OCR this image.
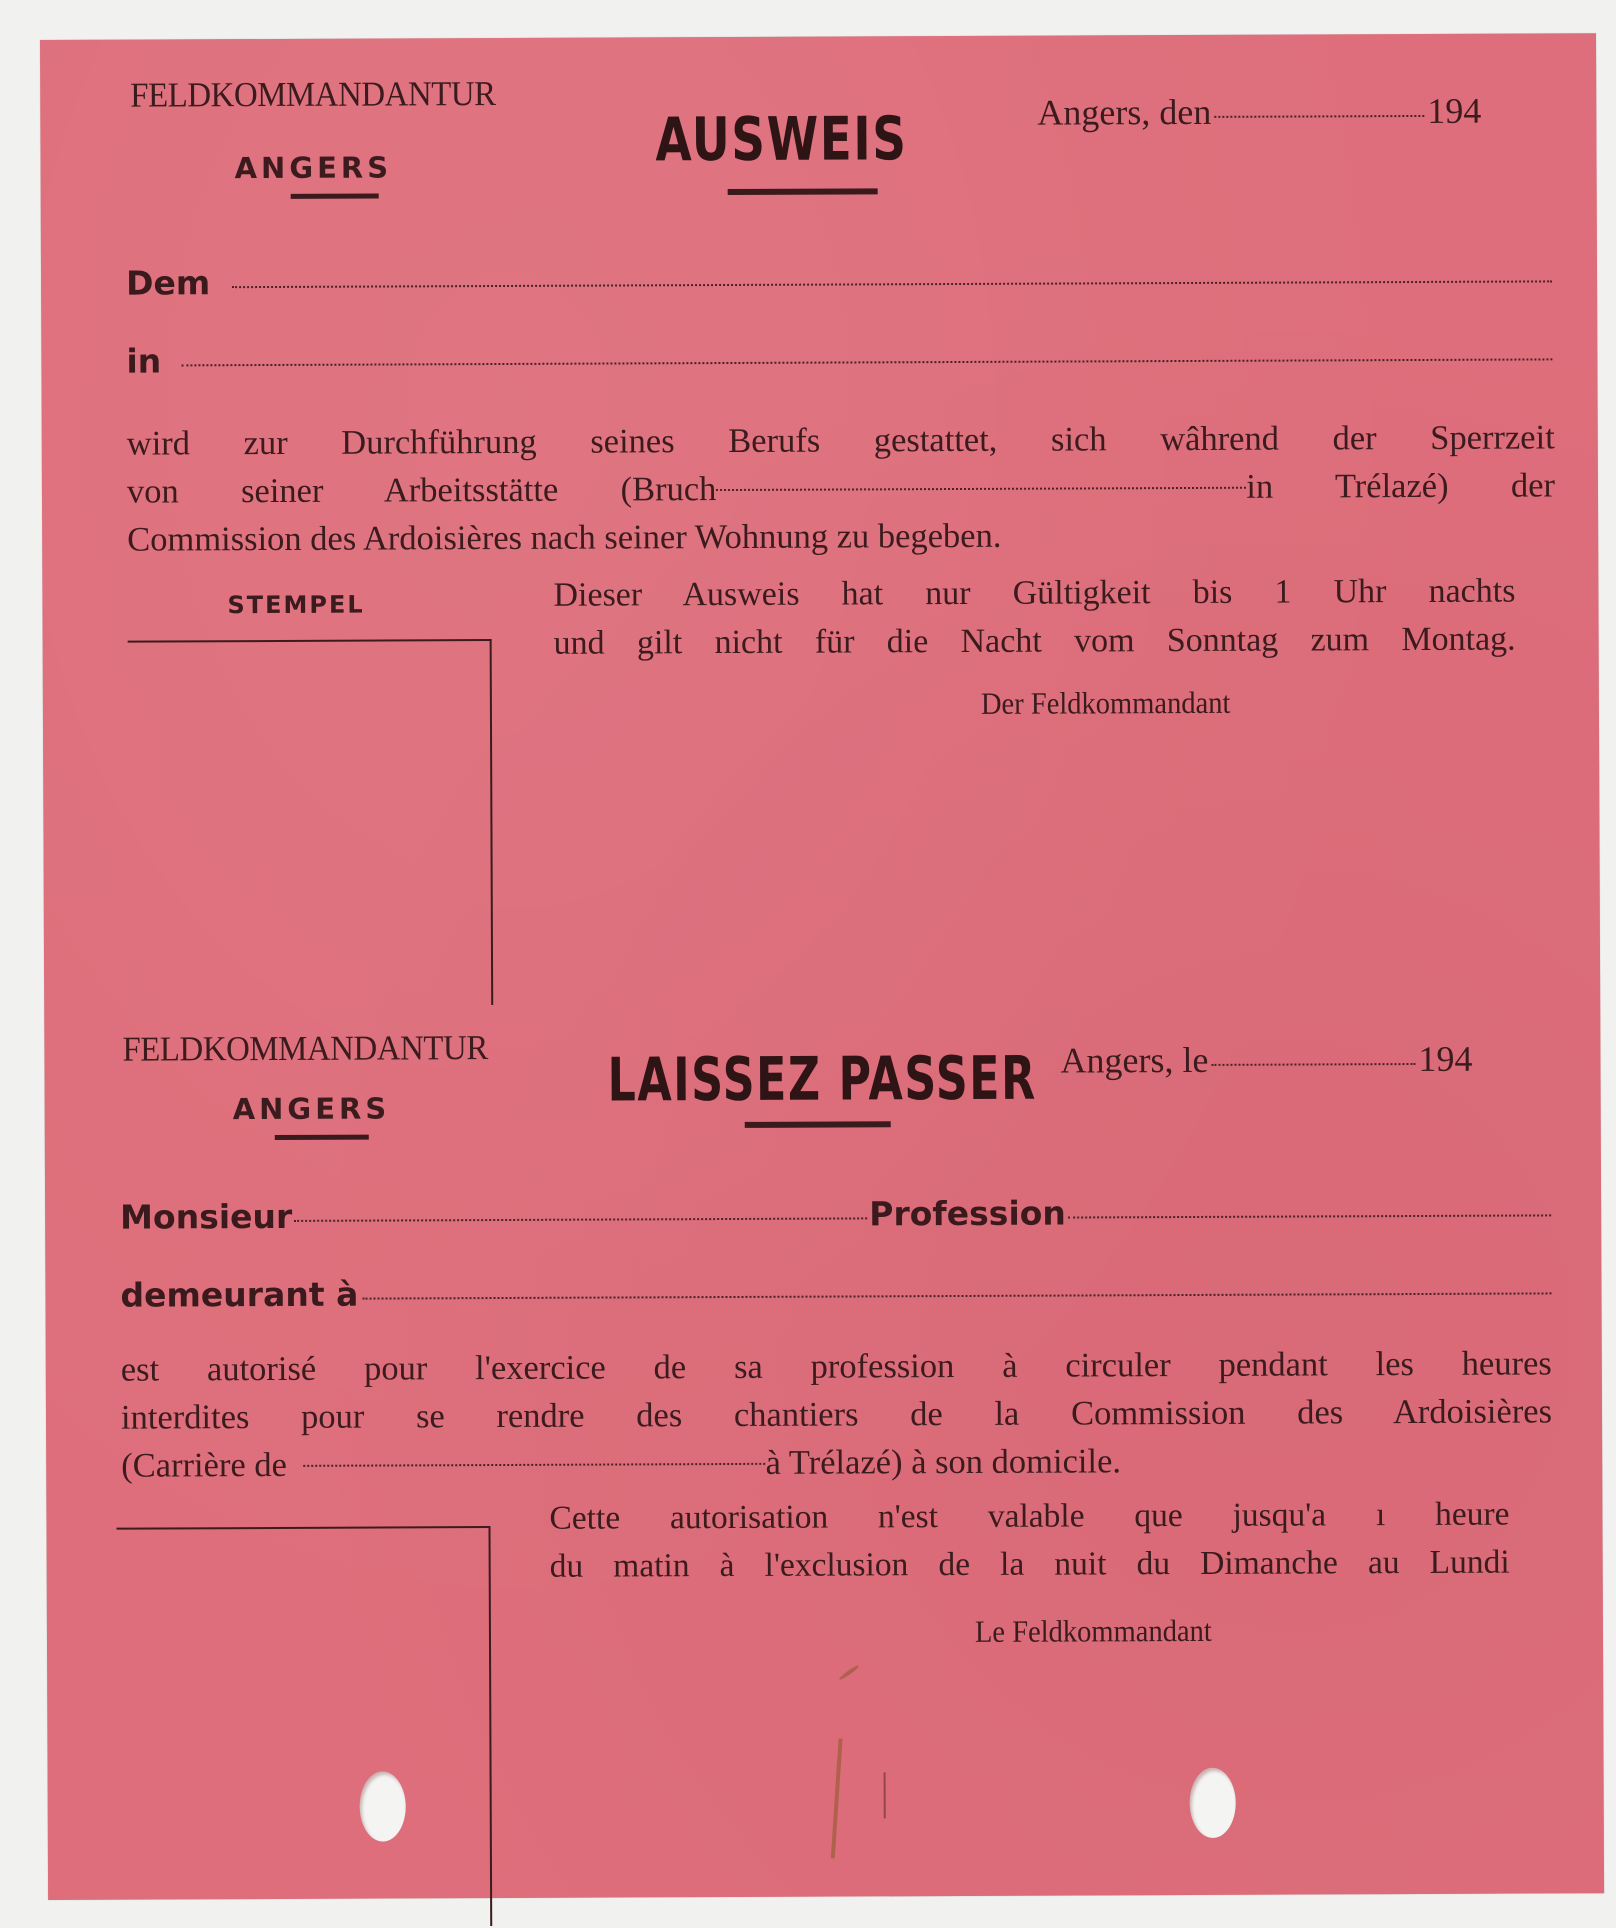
FELDKOMMANDANTUR
ANGERS	AUSWEIS	Angers, den	194
Dem
in
wird zur Durchführung seines Berufs gestattet, sich wâhrend der Sperrzeit
von seiner Arbeitsstätte (Bruch	in Trélazé) der
Commission des Ardoisières nach seiner Wohnung zu begeben.
STEMPEL	Dieser Ausweis hat nur Gültigkeit bis 1 Uhr nachts
und gilt nicht für die Nacht vom Sonntag zum Montag.
Der Feldkommandant
FELDKOMMANDANTUR
ANGERS	LAISSEZ PASSER Angers, le	194
Monsieur	Profession
demeurant à
est autorisé pour l'exercice de sa profession à circuler pendant les heures
interdites pour se rendre des chantiers de la Commission des Ardoisières
(Carrière de	à Trélazé) à son domicile.
Cette autorisation n'est valable que jusqu'a ı heure
du matin à l'exclusion de la nuit du Dimanche au Lundi
Le Feldkommandant
